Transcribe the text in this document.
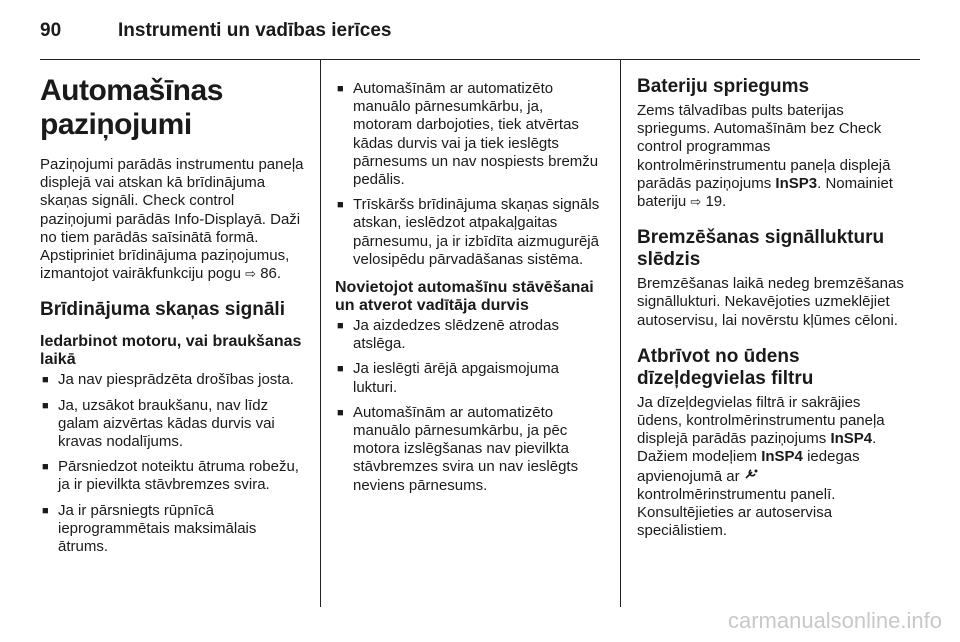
90	Instrumenti un vadības ierīces
Automašīnas paziņojumi

Paziņojumi parādās instrumentu paneļa displejā vai atskan kā brīdinājuma skaņas signāli. Check control paziņojumi parādās Info-Displayā. Daži no tiem parādās saīsinātā formā. Apstipriniet brīdinājuma paziņojumus, izmantojot vairākfunkciju pogu ⇨ 86.

Brīdinājuma skaņas signāli
Iedarbinot motoru, vai braukšanas laikā
■ Ja nav piesprādzēta drošības josta.
■ Ja, uzsākot braukšanu, nav līdz galam aizvērtas kādas durvis vai kravas nodalījums.
■ Pārsniedzot noteiktu ātruma robežu, ja ir pievilkta stāvbremzes svira.
■ Ja ir pārsniegts rūpnīcā ieprogrammētais maksimālais ātrums.
■ Automašīnām ar automatizēto manuālo pārnesumkārbu, ja, motoram darbojoties, tiek atvērtas kādas durvis vai ja tiek ieslēgts pārnesums un nav nospiests bremžu pedālis.
■ Trīskāršs brīdinājuma skaņas signāls atskan, ieslēdzot atpakaļgaitas pārnesumu, ja ir izbīdīta aizmugurējā velosipēdu pārvadāšanas sistēma.
Novietojot automašīnu stāvēšanai un atverot vadītāja durvis
■ Ja aizdedzes slēdzenē atrodas atslēga.
■ Ja ieslēgti ārējā apgaismojuma lukturi.
■ Automašīnām ar automatizēto manuālo pārnesumkārbu, ja pēc motora izslēgšanas nav pievilkta stāvbremzes svira un nav ieslēgts neviens pārnesums.
Bateriju spriegums

Zems tālvadības pults baterijas spriegums. Automašīnām bez Check control programmas kontrolmērinstrumentu paneļa displejā parādās paziņojums InSP3. Nomainiet bateriju ⇨ 19.

Bremzēšanas signāllukturu slēdzis

Bremzēšanas laikā nedeg bremzēšanas signāllukturi. Nekavējoties uzmeklējiet autoservisu, lai novērstu kļūmes cēloni.

Atbrīvot no ūdens dīzeļdegvielas filtru

Ja dīzeļdegvielas filtrā ir sakrājies ūdens, kontrolmērinstrumentu paneļa displejā parādās paziņojums InSP4. Dažiem modeļiem InSP4 iedegas apvienojumā ar  kontrolmērinstrumentu panelī. Konsultējieties ar autoservisa speciālistiem.

carmanualsonline.info
